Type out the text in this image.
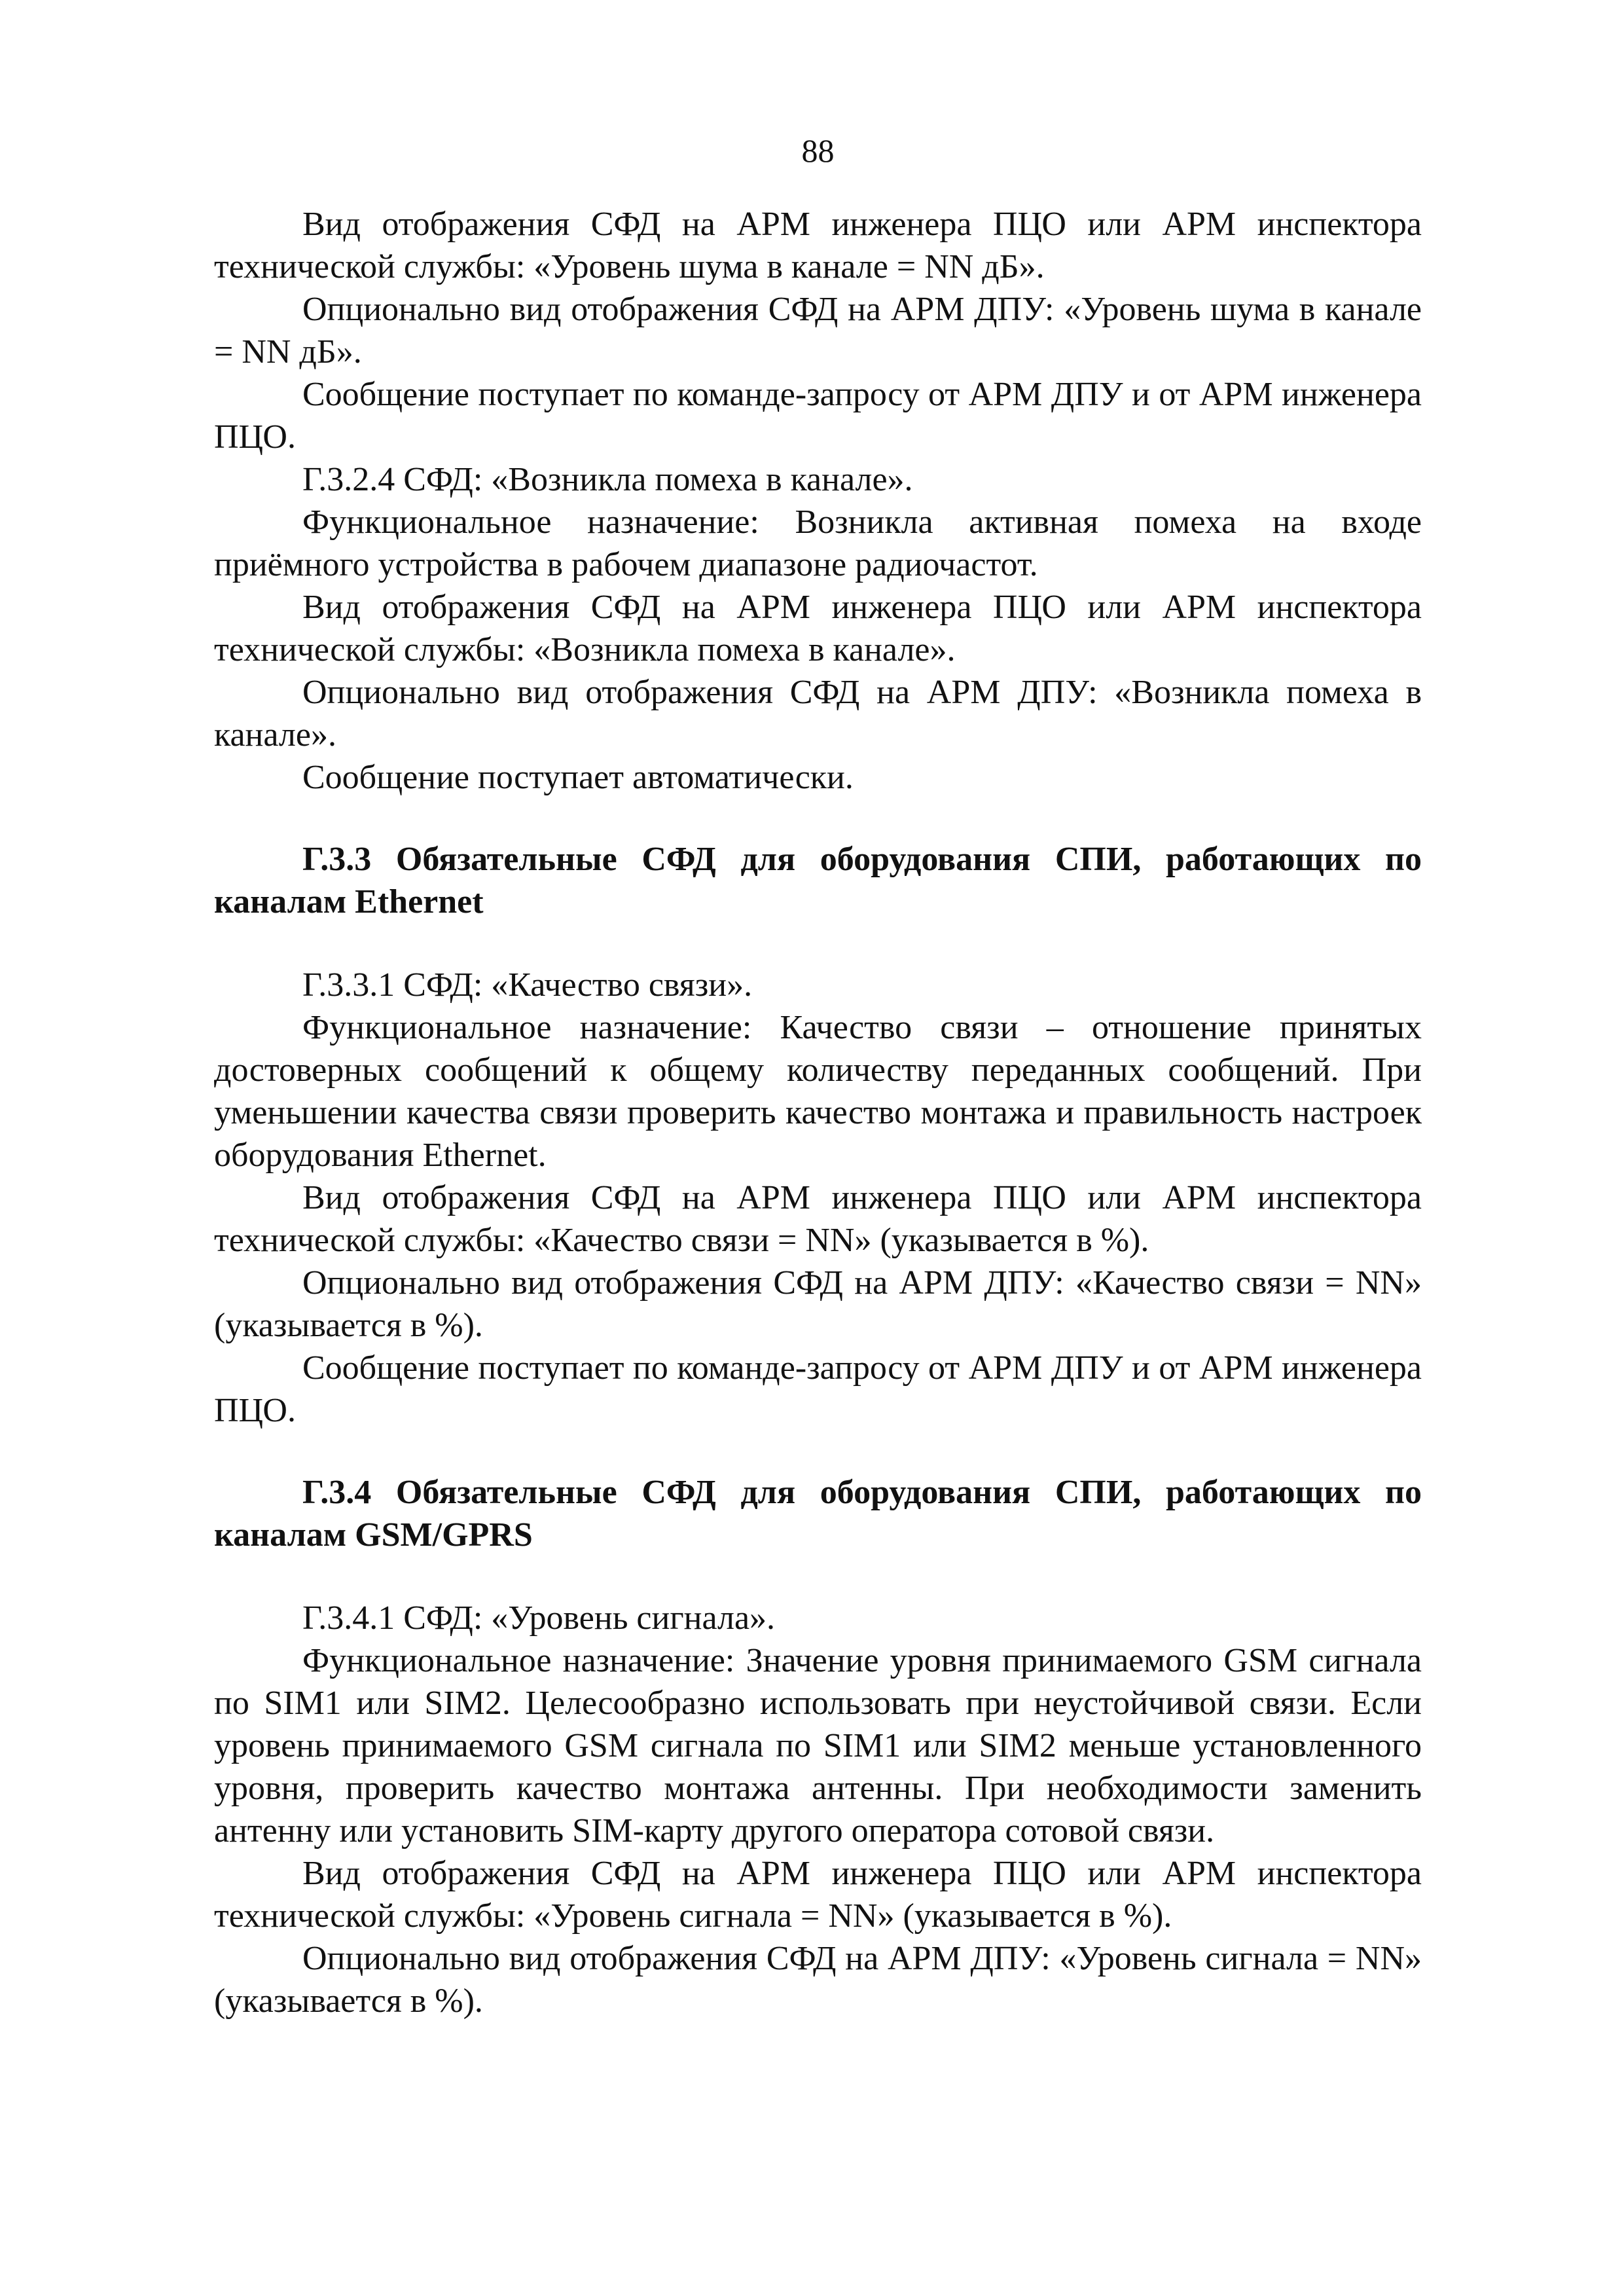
88

Вид отображения СФД на АРМ инженера ПЦО или АРМ инспектора технической службы: «Уровень шума в канале = NN дБ».

Опционально вид отображения СФД на АРМ ДПУ: «Уровень шума в канале = NN дБ».

Сообщение поступает по команде-запросу от АРМ ДПУ и от АРМ инженера ПЦО.

Г.3.2.4 СФД: «Возникла помеха в канале».

Функциональное назначение: Возникла активная помеха на входе приёмного устройства в рабочем диапазоне радиочастот.

Вид отображения СФД на АРМ инженера ПЦО или АРМ инспектора технической службы: «Возникла помеха в канале».

Опционально вид отображения СФД на АРМ ДПУ: «Возникла помеха в канале».

Сообщение поступает автоматически.

Г.3.3 Обязательные СФД для оборудования СПИ, работающих по каналам Ethernet

Г.3.3.1 СФД: «Качество связи».

Функциональное назначение: Качество связи – отношение принятых достоверных сообщений к общему количеству переданных сообщений. При уменьшении качества связи проверить качество монтажа и правильность настроек оборудования Ethernet.

Вид отображения СФД на АРМ инженера ПЦО или АРМ инспектора технической службы: «Качество связи = NN» (указывается в %).

Опционально вид отображения СФД на АРМ ДПУ: «Качество связи = NN» (указывается в %).

Сообщение поступает по команде-запросу от АРМ ДПУ и от АРМ инженера ПЦО.

Г.3.4 Обязательные СФД для оборудования СПИ, работающих по каналам GSM/GPRS

Г.3.4.1 СФД: «Уровень сигнала».

Функциональное назначение: Значение уровня принимаемого GSM сигнала по SIM1 или SIM2. Целесообразно использовать при неустойчивой связи. Если уровень принимаемого GSM сигнала по SIM1 или SIM2 меньше установленного уровня, проверить качество монтажа антенны. При необходимости заменить антенну или установить SIM-карту другого оператора сотовой связи.

Вид отображения СФД на АРМ инженера ПЦО или АРМ инспектора технической службы: «Уровень сигнала = NN» (указывается в %).

Опционально вид отображения СФД на АРМ ДПУ: «Уровень сигнала = NN» (указывается в %).
